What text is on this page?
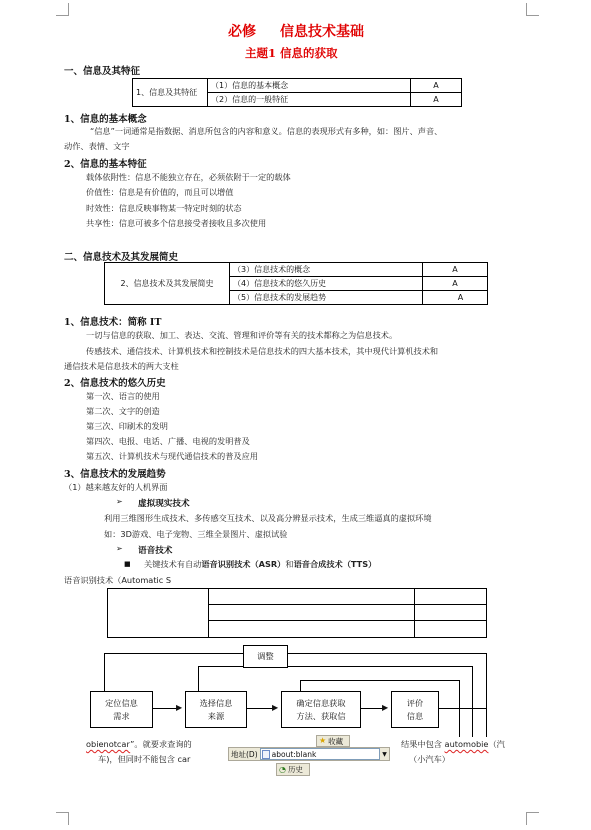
必修 信息技术基础
主题1 信息的获取
一、信息及其特征
1、信息及其特征	（1）信息的基本概念	A
	（2）信息的一般特征	A
1、信息的基本概念
“信息”一词通常是指数据、消息所包含的内容和意义。信息的表现形式有多种，如：图片、声音、
动作、表情、文字
2、信息的基本特征
载体依附性：信息不能独立存在，必须依附于一定的载体
价值性：信息是有价值的，而且可以增值
时效性：信息反映事物某一特定时刻的状态
共享性：信息可被多个信息接受者接收且多次使用
二、信息技术及其发展简史
2、信息技术及其发展简史	（3）信息技术的概念	A
	（4）信息技术的悠久历史	A
	（5）信息技术的发展趋势	A
1、信息技术：简称 IT
一切与信息的获取、加工、表达、交流、管理和评价等有关的技术都称之为信息技术。
传感技术、通信技术、计算机技术和控制技术是信息技术的四大基本技术，其中现代计算机技术和
通信技术是信息技术的两大支柱
2、信息技术的悠久历史
第一次、语言的使用
第二次、文字的创造
第三次、印刷术的发明
第四次、电报、电话、广播、电视的发明普及
第五次、计算机技术与现代通信技术的普及应用
3、信息技术的发展趋势
（1）越来越友好的人机界面
➢ 虚拟现实技术
利用三维图形生成技术、多传感交互技术、以及高分辨显示技术，生成三维逼真的虚拟环境
如：3D游戏、电子宠物、三维全景图片、虚拟试验
➢ 语音技术
■ 关键技术有自动语音识别技术（ASR）和语音合成技术（TTS）
语音识别技术（Automatic S
▶	▶	▶
调整
定位信息
需求
选择信息
来源
确定信息获取
方法、获取信
评价
信息
obienotcar”。就要求查询的
车)，但同时不能包含 car
结果中包含 automobie（汽
（小汽车）
★ 收藏
地址(D) about:blank	▼
◔ 历史
